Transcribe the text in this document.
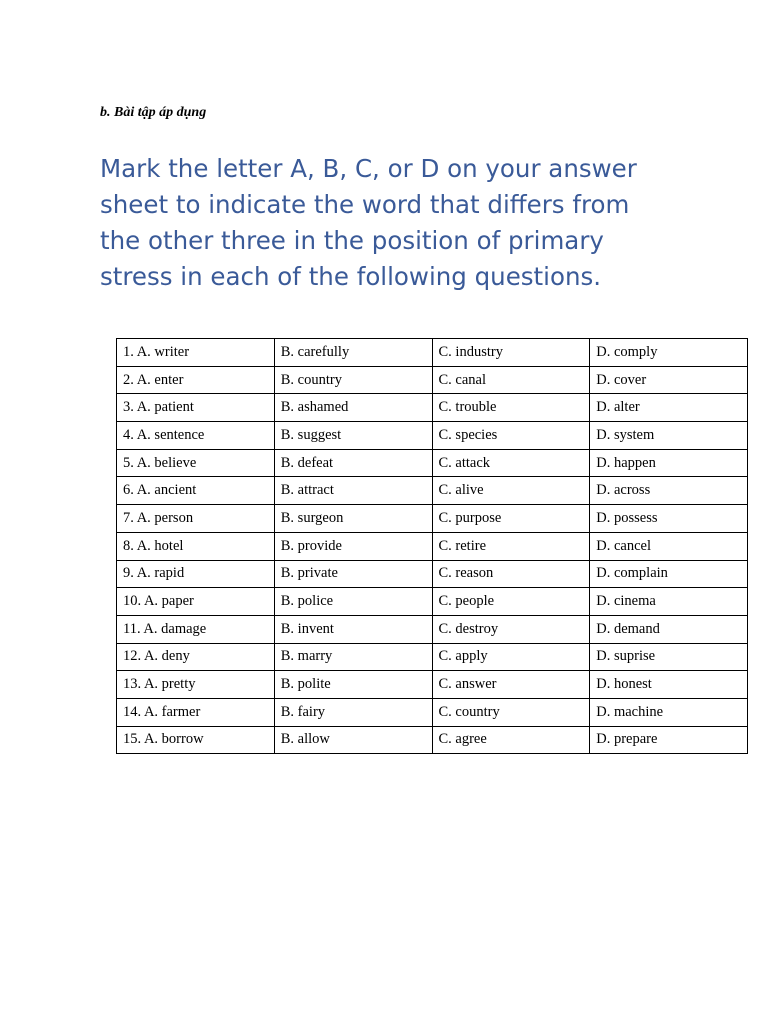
b. Bài tập áp dụng

Mark the letter A, B, C, or D on your answer sheet to indicate the word that differs from the other three in the position of primary stress in each of the following questions.

1. A. writer	B. carefully	C. industry	D. comply
2. A. enter	B. country	C. canal	D. cover
3. A. patient	B. ashamed	C. trouble	D. alter
4. A. sentence	B. suggest	C. species	D. system
5. A. believe	B. defeat	C. attack	D. happen
6. A. ancient	B. attract	C. alive	D. across
7. A. person	B. surgeon	C. purpose	D. possess
8. A. hotel	B. provide	C. retire	D. cancel
9. A. rapid	B. private	C. reason	D. complain
10. A. paper	B. police	C. people	D. cinema
11. A. damage	B. invent	C. destroy	D. demand
12. A. deny	B. marry	C. apply	D. suprise
13. A. pretty	B. polite	C. answer	D. honest
14. A. farmer	B. fairy	C. country	D. machine
15. A. borrow	B. allow	C. agree	D. prepare
